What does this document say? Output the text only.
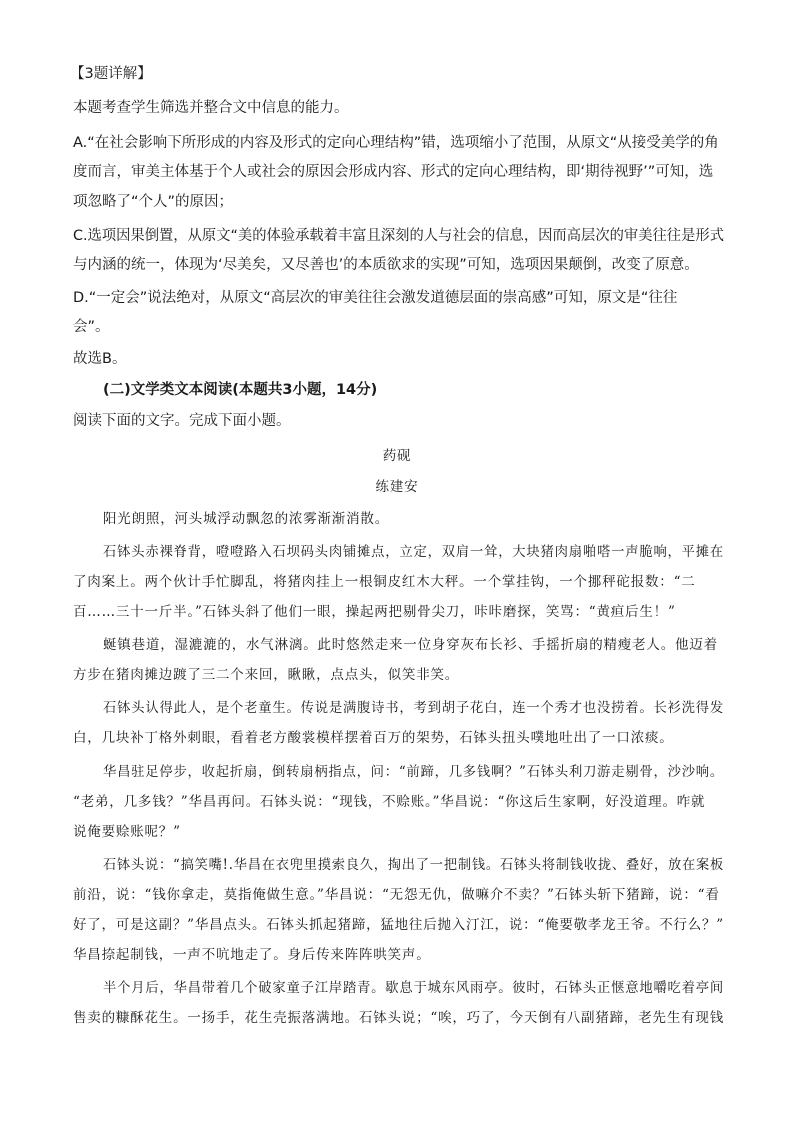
【3题详解】
本题考查学生筛选并整合文中信息的能力。
A.“在社会影响下所形成的内容及形式的定向心理结构”错，选项缩小了范围，从原文“从接受美学的角
度而言，审美主体基于个人或社会的原因会形成内容、形式的定向心理结构，即‘期待视野’”可知，选
项忽略了“个人”的原因；
C.选项因果倒置，从原文“美的体验承载着丰富且深刻的人与社会的信息，因而高层次的审美往往是形式
与内涵的统一，体现为‘尽美矣，又尽善也’的本质欲求的实现”可知，选项因果颠倒，改变了原意。
D.“一定会”说法绝对，从原文“高层次的审美往往会激发道德层面的崇高感”可知，原文是“往往
会”。
故选B。
(二)文学类文本阅读(本题共3小题，14分)
阅读下面的文字。完成下面小题。
药砚
练建安
阳光朗照，河头城浮动飘忽的浓雾渐渐消散。
石钵头赤裸脊背，噔噔路入石坝码头肉铺摊点，立定，双肩一耸，大块猪肉扇啪嗒一声脆响，平摊在
了肉案上。两个伙计手忙脚乱，将猪肉挂上一根铜皮红木大秤。一个掌挂钩，一个挪秤砣报数：“二
百……三十一斤半。”石钵头斜了他们一眼，操起两把剔骨尖刀，咔咔磨探，笑骂：“黄疸后生！”
蜒镇巷道，湿漉漉的，水气淋漓。此时悠然走来一位身穿灰布长衫、手摇折扇的精瘦老人。他迈着
方步在猪肉摊边踱了三二个来回，瞅瞅，点点头，似笑非笑。
石钵头认得此人，是个老童生。传说是满腹诗书，考到胡子花白，连一个秀才也没捞着。长衫洗得发
白，几块补丁格外刺眼，看着老方酸裳模样摆着百万的架势，石钵头扭头噗地吐出了一口浓痰。
华昌驻足停步，收起折扇，倒转扇柄指点，问：“前蹄，几多钱啊？”石钵头利刀游走剔骨，沙沙响。
“老弟，几多钱？”华昌再问。石钵头说：“现钱，不赊账。”华昌说：“你这后生家啊，好没道理。咋就
说俺要赊账呢？”
石钵头说：“搞笑嘴!.华昌在衣兜里摸索良久，掏出了一把制钱。石钵头将制钱收拢、叠好，放在案板
前沿，说：“钱你拿走，莫指俺做生意。”华昌说：“无怨无仇，做嘛介不卖？”石钵头斩下猪蹄，说：“看
好了，可是这副？”华昌点头。石钵头抓起猪蹄，猛地往后抛入汀江，说：“俺要敬孝龙王爷。不行么？”
华昌捺起制钱，一声不吭地走了。身后传来阵阵哄笑声。
半个月后，华昌带着几个破家童子江岸踏青。歇息于城东风雨亭。彼时，石钵头正惬意地嚼吃着亭间
售卖的糠酥花生。一扬手，花生壳振落满地。石钵头说；“唉，巧了，今天倒有八副猪蹄，老先生有现钱
